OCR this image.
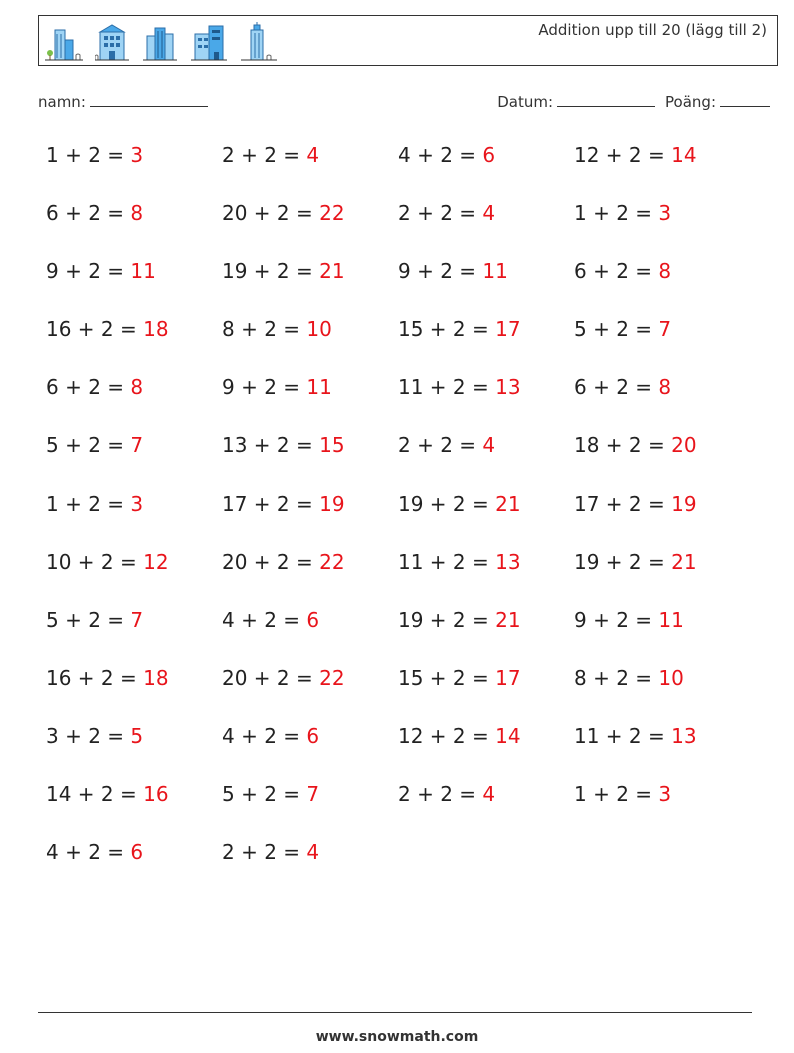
Addition upp till 20 (lägg till 2)
namn:	Datum:	Poäng:
1 + 2 = 3	2 + 2 = 4	4 + 2 = 6	12 + 2 = 14
6 + 2 = 8	20 + 2 = 22	2 + 2 = 4	1 + 2 = 3
9 + 2 = 11	19 + 2 = 21	9 + 2 = 11	6 + 2 = 8
16 + 2 = 18	8 + 2 = 10	15 + 2 = 17	5 + 2 = 7
6 + 2 = 8	9 + 2 = 11	11 + 2 = 13	6 + 2 = 8
5 + 2 = 7	13 + 2 = 15	2 + 2 = 4	18 + 2 = 20
1 + 2 = 3	17 + 2 = 19	19 + 2 = 21	17 + 2 = 19
10 + 2 = 12	20 + 2 = 22	11 + 2 = 13	19 + 2 = 21
5 + 2 = 7	4 + 2 = 6	19 + 2 = 21	9 + 2 = 11
16 + 2 = 18	20 + 2 = 22	15 + 2 = 17	8 + 2 = 10
3 + 2 = 5	4 + 2 = 6	12 + 2 = 14	11 + 2 = 13
14 + 2 = 16	5 + 2 = 7	2 + 2 = 4	1 + 2 = 3
4 + 2 = 6	2 + 2 = 4
www.snowmath.com
